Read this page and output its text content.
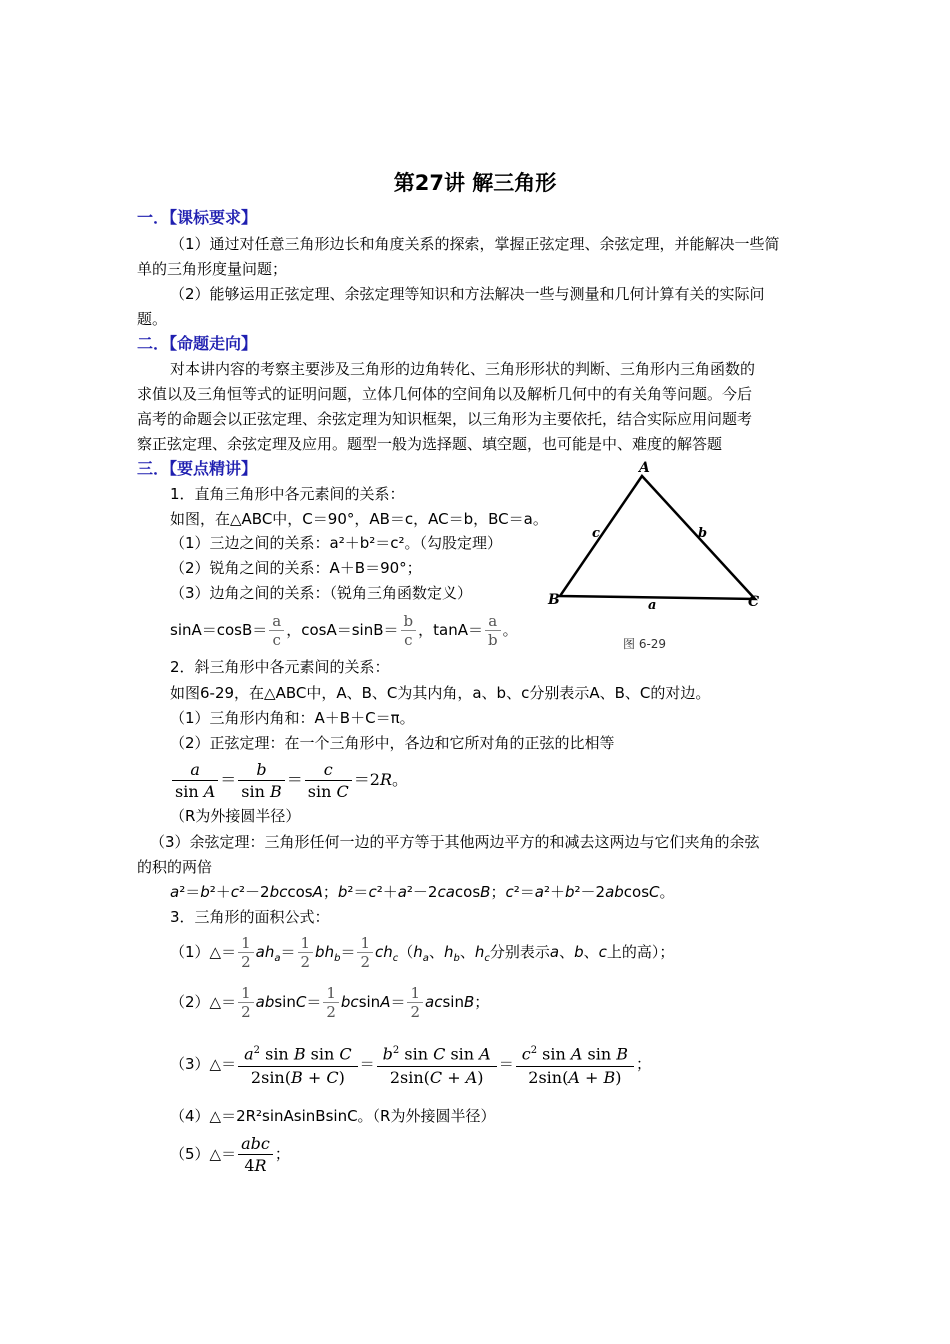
第27讲 解三角形
一．【课标要求】
（1）通过对任意三角形边长和角度关系的探索，掌握正弦定理、余弦定理，并能解决一些简
单的三角形度量问题；
（2）能够运用正弦定理、余弦定理等知识和方法解决一些与测量和几何计算有关的实际问
题。
二．【命题走向】
对本讲内容的考察主要涉及三角形的边角转化、三角形形状的判断、三角形内三角函数的
求值以及三角恒等式的证明问题，立体几何体的空间角以及解析几何中的有关角等问题。今后
高考的命题会以正弦定理、余弦定理为知识框架，以三角形为主要依托，结合实际应用问题考
察正弦定理、余弦定理及应用。题型一般为选择题、填空题，也可能是中、难度的解答题
三．【要点精讲】
1．直角三角形中各元素间的关系：
如图，在△ABC中，C＝90°，AB＝c，AC＝b，BC＝a。
（1）三边之间的关系：a²＋b²＝c²。（勾股定理）
（2）锐角之间的关系：A＋B＝90°；
（3）边角之间的关系：（锐角三角函数定义）
$\sin A=\cos B= \frac{a}{c}$ ，$\cos A=\sin B= \frac{b}{c}$ ，$\tan A= \frac{a}{b}$ 。
2．斜三角形中各元素间的关系：
如图6-29，在△ABC中，A、B、C为其内角，a、b、c分别表示A、B、C的对边。
（1）三角形内角和：A＋B＋C＝π。
（2）正弦定理：在一个三角形中，各边和它所对角的正弦的比相等
$\frac{a}{\text{sin A}} = \frac{b}{\text{sin B}} = \frac{c}{\text{sin C}} =2R$。
（R为外接圆半径）
（3）余弦定理：三角形任何一边的平方等于其他两边平方的和减去这两边与它们夹角的余弦
的积的两倍
a²＝b²＋c²－2bccosA；b²＝c²＋a²－2cacosB；c²＝a²＋b²－2abcosC。
3．三角形的面积公式：
（1）△＝ $\frac{1}{2} ah_a= \frac{1}{2} bh_b= \frac{1}{2} ch_c(h_a$、$h_b$、$h_c$分别表示a、b、c上的高）；
（2）△＝ $\frac{1}{2} absinC= \frac{1}{2} bcsinA= \frac{1}{2}$ acsinB；
（3）△＝ $\frac{a^2 \sin B \sin C}{2\sin(B + C)} = \frac{b^2 \sin C \sin A}{2\sin(C + A)} = \frac{c^2 \sin A \sin B}{2\sin(A + B)}$ ；
（4）△＝2R²sinAsinBsinC。（R为外接圆半径）
（5）△＝ $\frac{\text{abc}}{4R}$ ；
A
B	C
a
b
c
图 6-29
